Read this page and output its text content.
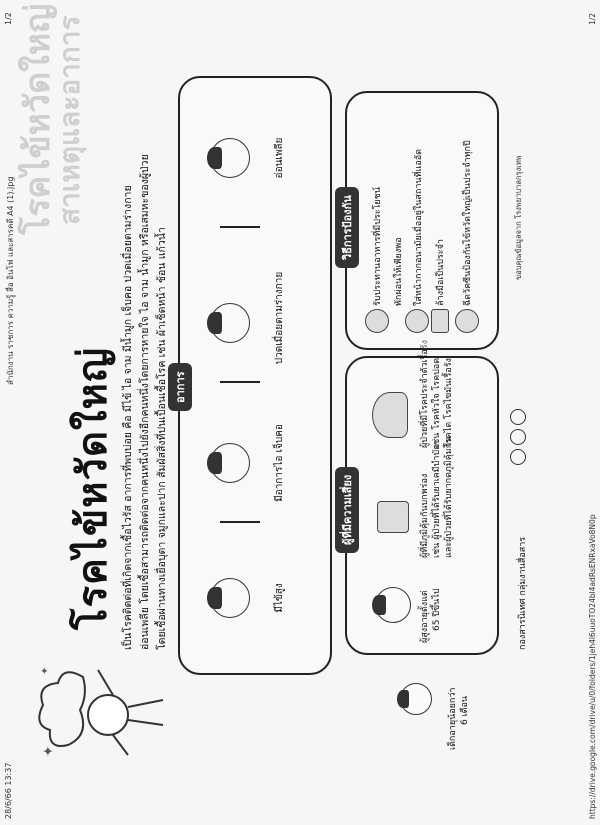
โรคไข้หวัดใหญ่
สาเหตุและอาการ
28/6/66 13:37
สำนักงาน ราชการ ความรู้ สื่อ อินโฟ และสารคดี A4 (1).jpg
1/2
✦
✦
โรคไข้หวัดใหญ่ เป็นโรคติดต่อที่เกิดจากเชื้อไวรัส อาการที่พบบ่อย คือ มีไข้ ไอ จาม มีน้ำมูก เจ็บคอ ปวดเมื่อยตามร่างกาย อ่อนเพลีย โดยเชื้อสามารถติดต่อจากคนหนึ่งไปยังอีกคนหนึ่งโดยการหายใจ ไอ จาม น้ำมูก หรือเสมหะของผู้ป่วย โดยเชื้อผ่านทางเยื่อบุตา จมูกและปาก สัมผัสสิ่งที่ปนเปื้อนเชื้อโรค เช่น ผ้าเช็ดหน้า ช้อน แก้วน้ำ อาการ
มีไข้สูง
มีอาการไอ เจ็บคอ
ปวดเมื่อยตามร่างกาย
อ่อนเพลีย
ผู้ที่มีความเสี่ยง
ผู้สูงอายุตั้งแต่ 65 ปีขึ้นไป
ผู้ที่มีภูมิคุ้มกันบกพร่อง เช่น ผู้ป่วยที่ได้รับยาเคมีบำบัด และผู้ป่วยที่ได้รับยากดภูมิคุ้มกัน
ผู้ป่วยที่มีโรคประจำตัวเรื้อรัง เช่น โรคหัวใจ โรคปอด โรคไต โรคไขมันเรื้อรัง
เด็กอายุน้อยกว่า 6 เดือน
วิธีการป้องกัน	รับประทานอาหารที่มีประโยชน์	พักผ่อนให้เพียงพอ	ใส่หน้ากากอนามัยเมื่ออยู่ในสถานที่แออัด	ล้างมือเป็นประจำ	ฉีดวัคซีนป้องกันไข้หวัดใหญ่เป็นประจำทุกปี
กองสารนิเทศ กลุ่มงานสื่อสาร
ขอบคุณข้อมูลจาก โรงพยาบาลกรุงเทพ
https://drive.google.com/drive/u/0/folders/1jeh4l6uuoTO24bl4adRsENRxaVo8N0p
1/2
